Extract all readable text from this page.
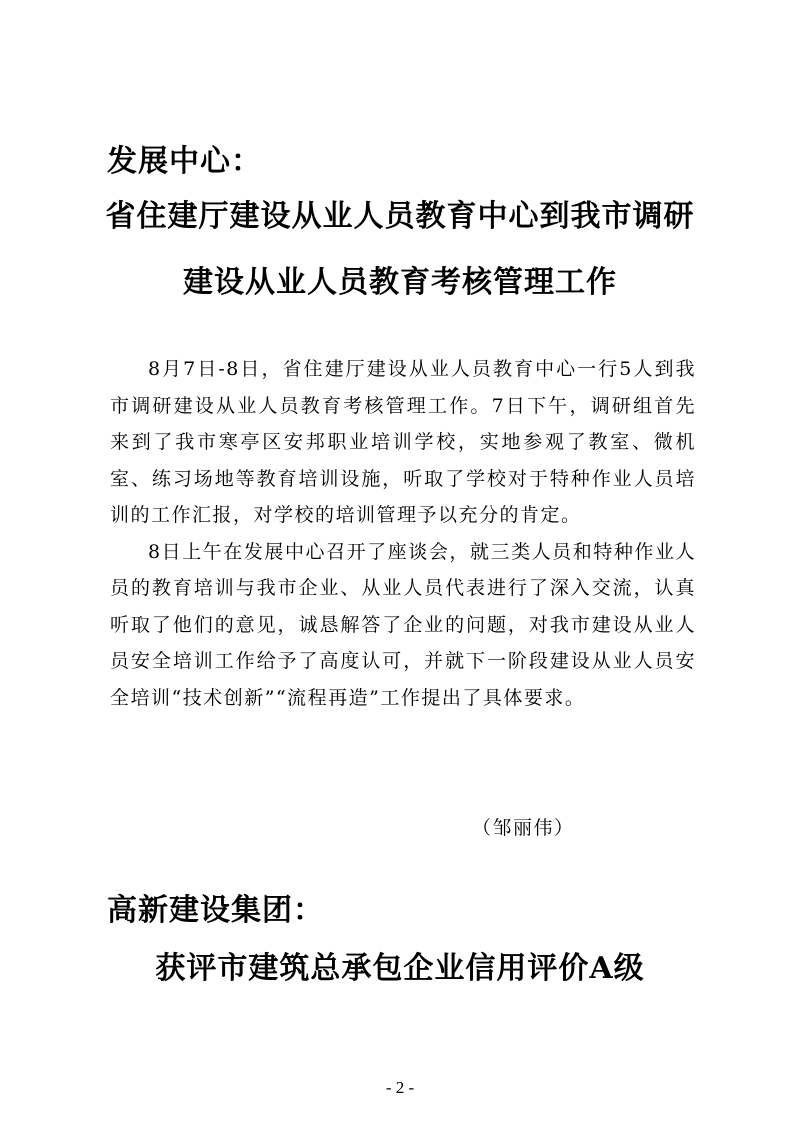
发展中心：
省住建厅建设从业人员教育中心到我市调研
建设从业人员教育考核管理工作

8月7日-8日，省住建厅建设从业人员教育中心一行5人到我市调研建设从业人员教育考核管理工作。7日下午，调研组首先来到了我市寒亭区安邦职业培训学校，实地参观了教室、微机室、练习场地等教育培训设施，听取了学校对于特种作业人员培训的工作汇报，对学校的培训管理予以充分的肯定。

8日上午在发展中心召开了座谈会，就三类人员和特种作业人员的教育培训与我市企业、从业人员代表进行了深入交流，认真听取了他们的意见，诚恳解答了企业的问题，对我市建设从业人员安全培训工作给予了高度认可，并就下一阶段建设从业人员安全培训“技术创新”“流程再造”工作提出了具体要求。

（邹丽伟）
高新建设集团：
获评市建筑总承包企业信用评价A级
- 2 -
